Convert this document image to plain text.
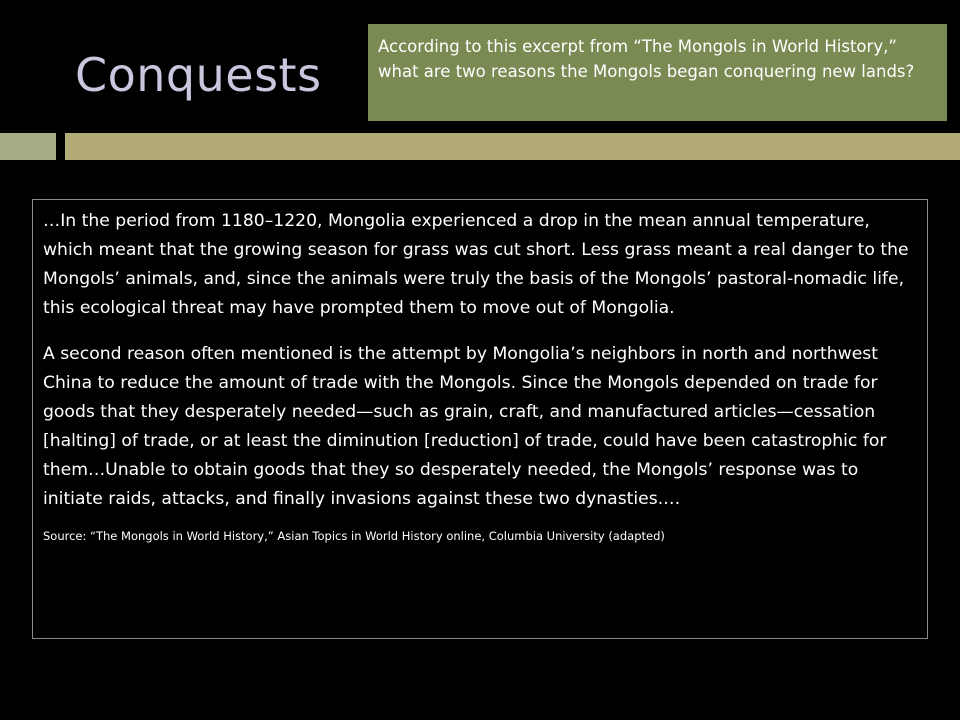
Conquests
According to this excerpt from “The Mongols in World History,” what are two reasons the Mongols began conquering new lands?

…In the period from 1180–1220, Mongolia experienced a drop in the mean annual temperature, which meant that the growing season for grass was cut short. Less grass meant a real danger to the Mongols’ animals, and, since the animals were truly the basis of the Mongols’ pastoral-nomadic life, this ecological threat may have prompted them to move out of Mongolia.

A second reason often mentioned is the attempt by Mongolia’s neighbors in north and northwest China to reduce the amount of trade with the Mongols. Since the Mongols depended on trade for goods that they desperately needed—such as grain, craft, and manufactured articles—cessation [halting] of trade, or at least the diminution [reduction] of trade, could have been catastrophic for them…Unable to obtain goods that they so desperately needed, the Mongols’ response was to initiate raids, attacks, and finally invasions against these two dynasties.…

Source: “The Mongols in World History,” Asian Topics in World History online, Columbia University (adapted)
